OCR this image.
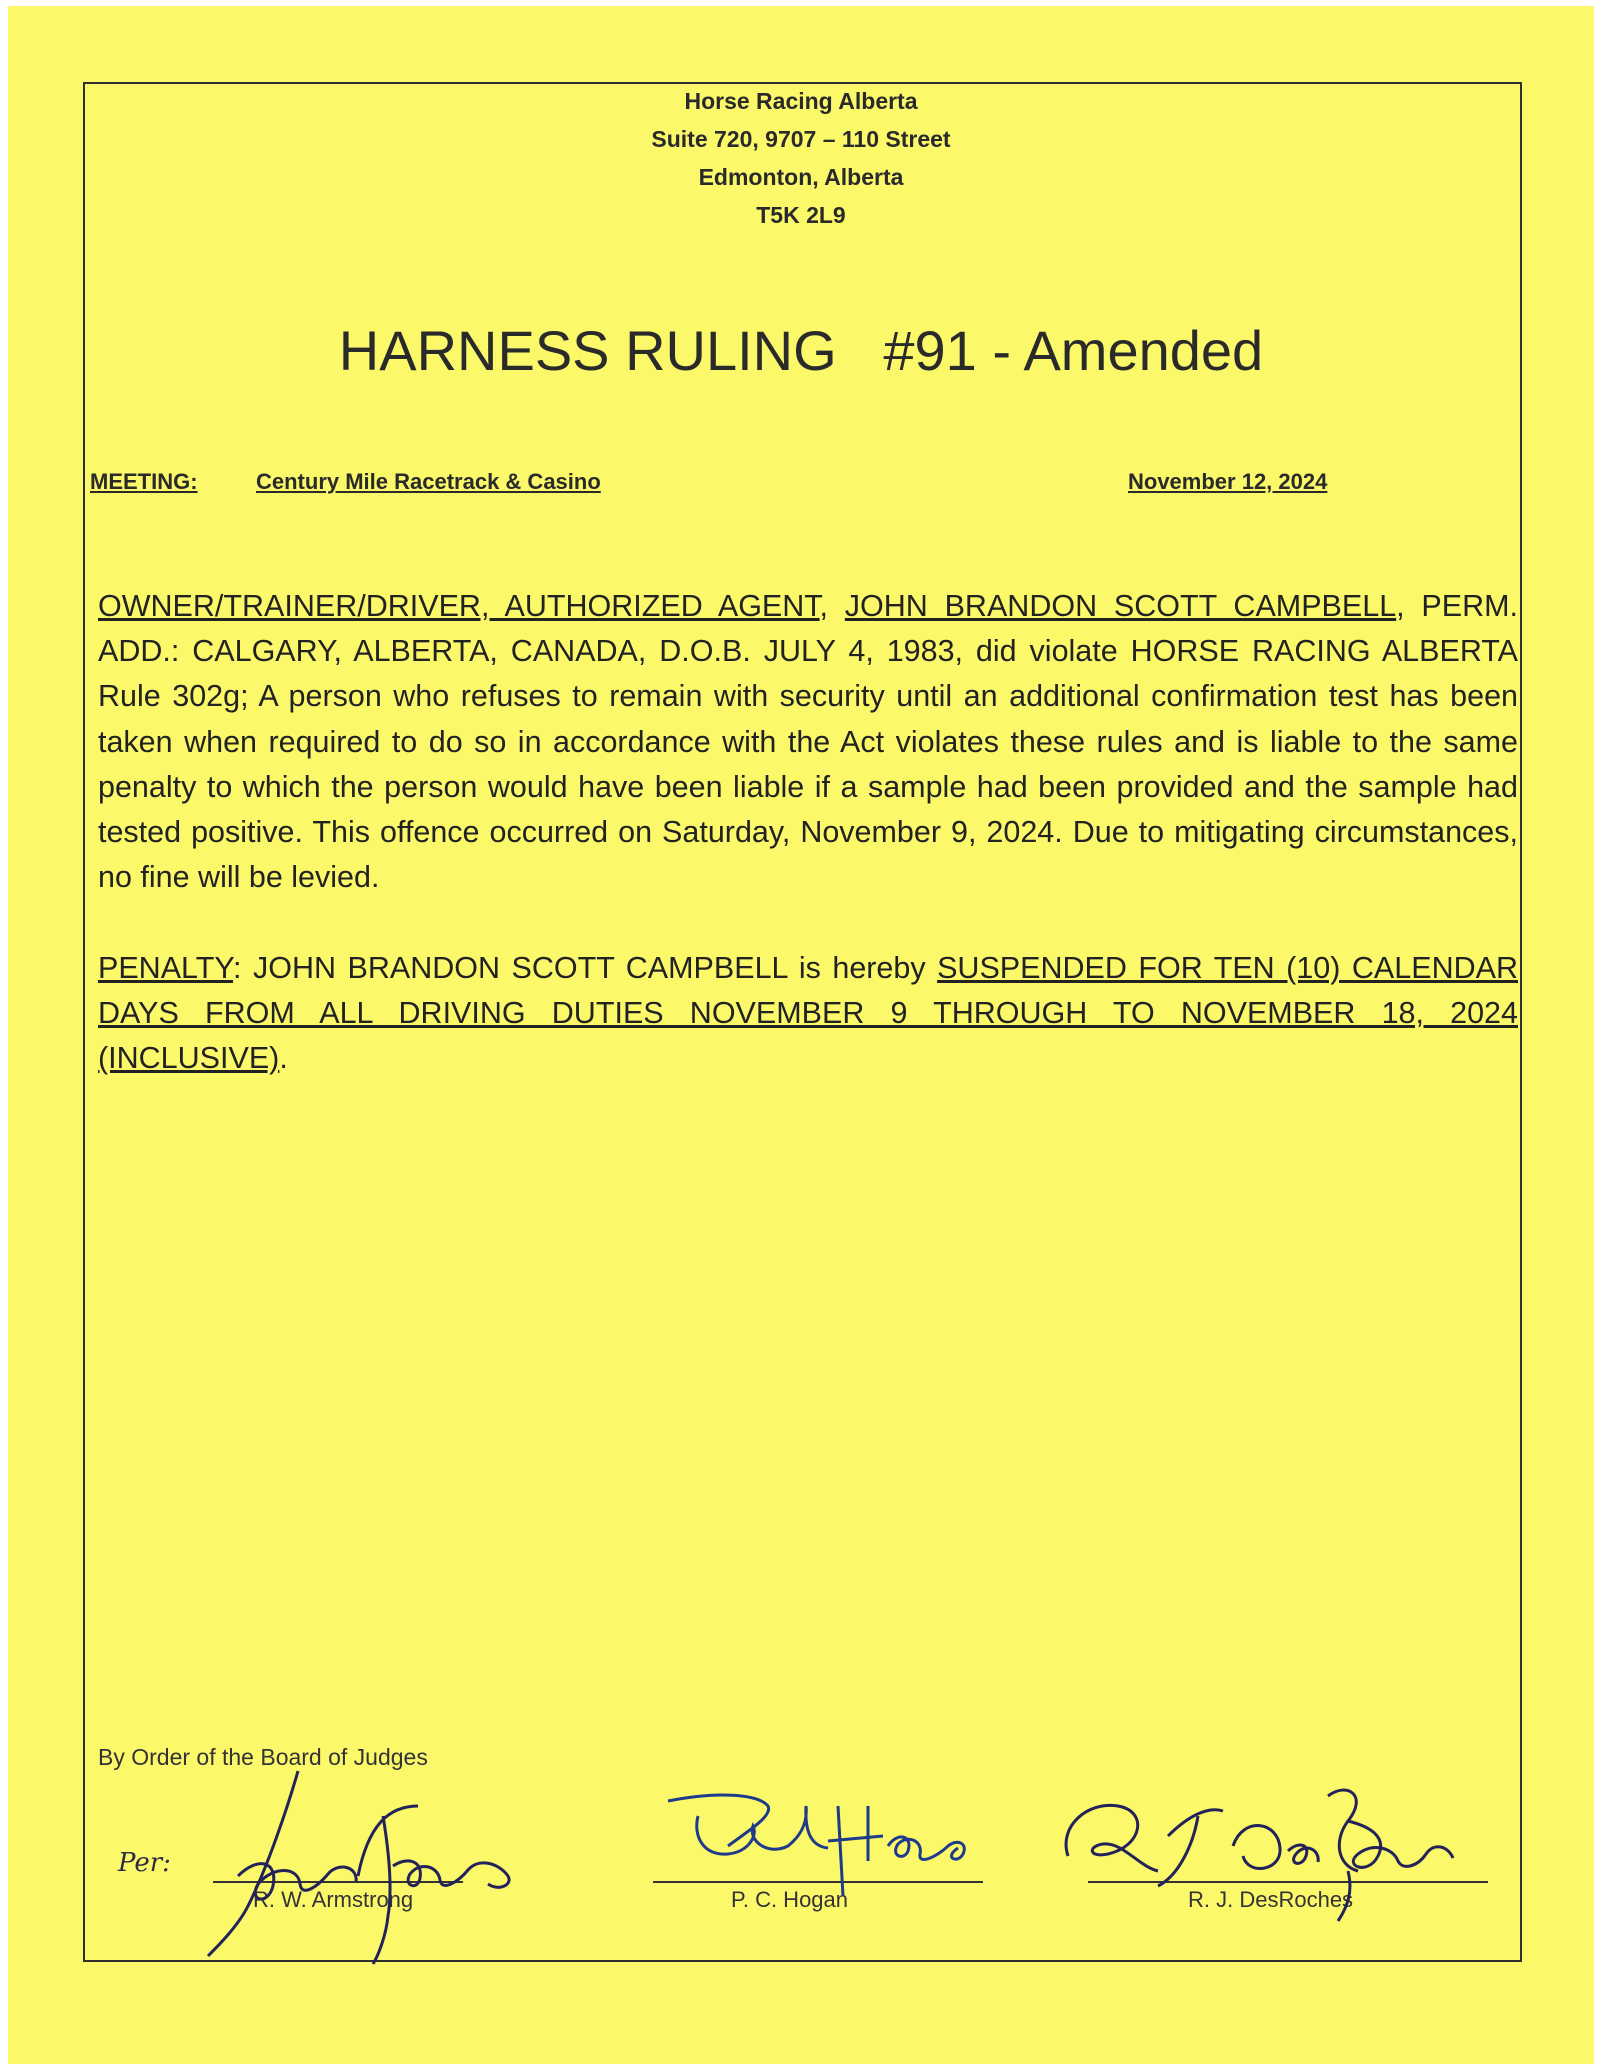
Horse Racing Alberta
Suite 720, 9707 – 110 Street
Edmonton, Alberta
T5K 2L9
HARNESS RULING   #91 - Amended
MEETING:	Century Mile Racetrack & Casino	November 12, 2024
OWNER/TRAINER/DRIVER, AUTHORIZED AGENT, JOHN BRANDON SCOTT CAMPBELL, PERM. ADD.: CALGARY, ALBERTA, CANADA, D.O.B. JULY 4, 1983, did violate HORSE RACING ALBERTA Rule 302g; A person who refuses to remain with security until an additional confirmation test has been taken when required to do so in accordance with the Act violates these rules and is liable to the same penalty to which the person would have been liable if a sample had been provided and the sample had tested positive. This offence occurred on Saturday, November 9, 2024. Due to mitigating circumstances, no fine will be levied.
PENALTY: JOHN BRANDON SCOTT CAMPBELL is hereby SUSPENDED FOR TEN (10) CALENDAR DAYS FROM ALL DRIVING DUTIES NOVEMBER 9 THROUGH TO NOVEMBER 18, 2024 (INCLUSIVE).
By Order of the Board of Judges
Per:
R. W. Armstrong	P. C. Hogan	R. J. DesRoches
